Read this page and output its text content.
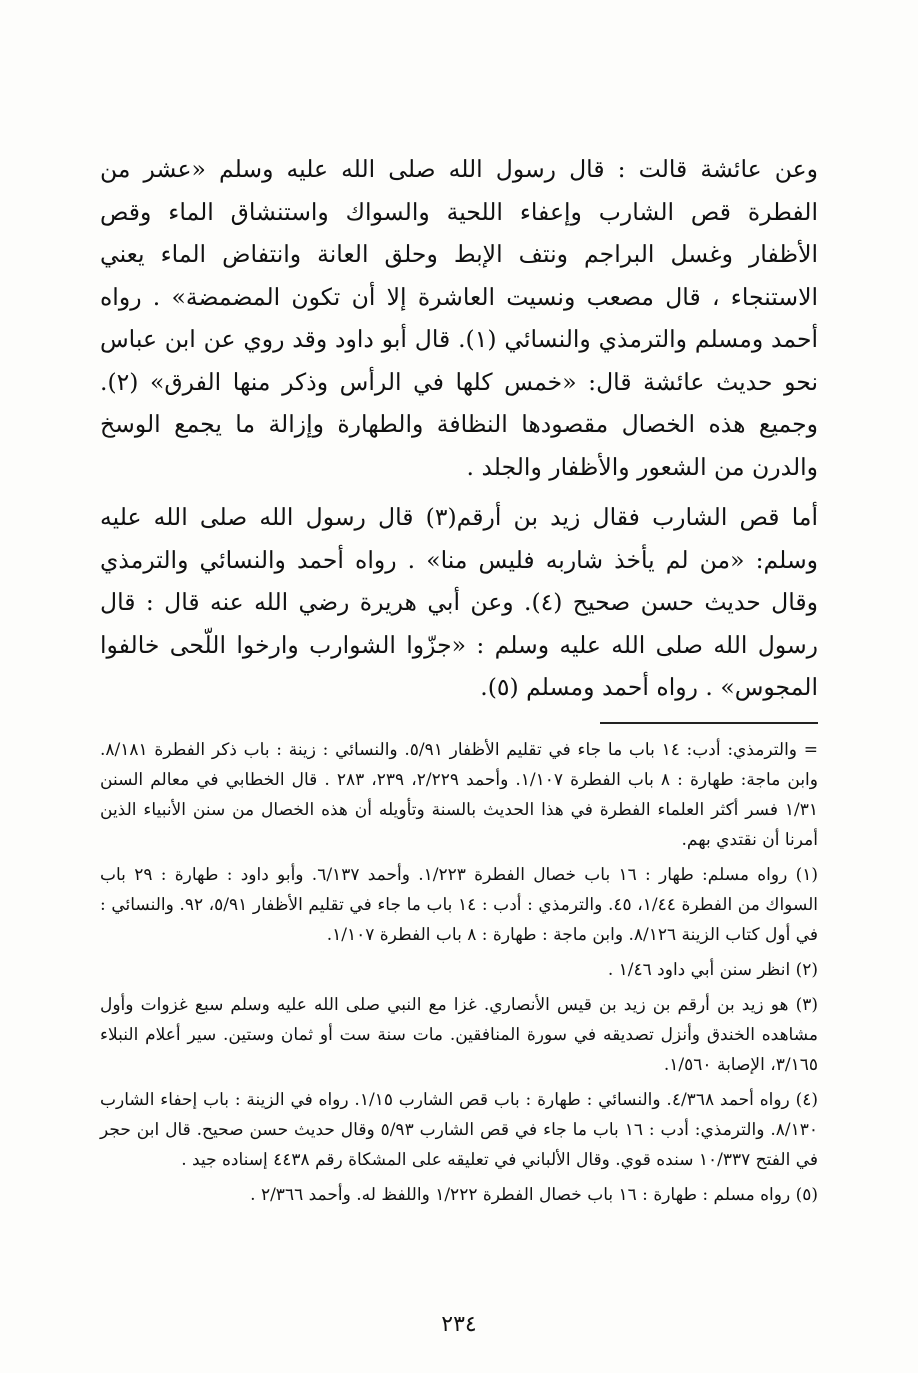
وعن عائشة قالت : قال رسول الله صلى الله عليه وسلم «عشر من الفطرة قص الشارب وإعفاء اللحية والسواك واستنشاق الماء وقص الأظفار وغسل البراجم ونتف الإبط وحلق العانة وانتفاض الماء يعني الاستنجاء ، قال مصعب ونسيت العاشرة إلا أن تكون المضمضة» . رواه أحمد ومسلم والترمذي والنسائي (١). قال أبو داود وقد روي عن ابن عباس نحو حديث عائشة قال: «خمس كلها في الرأس وذكر منها الفرق» (٢). وجميع هذه الخصال مقصودها النظافة والطهارة وإزالة ما يجمع الوسخ والدرن من الشعور والأظفار والجلد .

أما قص الشارب فقال زيد بن أرقم(٣) قال رسول الله صلى الله عليه وسلم: «من لم يأخذ شاربه فليس منا» . رواه أحمد والنسائي والترمذي وقال حديث حسن صحيح (٤). وعن أبي هريرة رضي الله عنه قال : قال رسول الله صلى الله عليه وسلم : «جزّوا الشوارب وارخوا اللّحى خالفوا المجوس» . رواه أحمد ومسلم (٥).

= والترمذي: أدب: ١٤ باب ما جاء في تقليم الأظفار ٥/٩١. والنسائي : زينة : باب ذكر الفطرة ٨/١٨١. وابن ماجة: طهارة : ٨ باب الفطرة ١/١٠٧. وأحمد ٢/٢٢٩، ٢٣٩، ٢٨٣ . قال الخطابي في معالم السنن ١/٣١ فسر أكثر العلماء الفطرة في هذا الحديث بالسنة وتأويله أن هذه الخصال من سنن الأنبياء الذين أمرنا أن نقتدي بهم.

(١) رواه مسلم: طهار : ١٦ باب خصال الفطرة ١/٢٢٣. وأحمد ٦/١٣٧. وأبو داود : طهارة : ٢٩ باب السواك من الفطرة ١/٤٤، ٤٥. والترمذي : أدب : ١٤ باب ما جاء في تقليم الأظفار ٥/٩١، ٩٢. والنسائي : في أول كتاب الزينة ٨/١٢٦. وابن ماجة : طهارة : ٨ باب الفطرة ١/١٠٧.

(٢) انظر سنن أبي داود ١/٤٦ .

(٣) هو زيد بن أرقم بن زيد بن قيس الأنصاري. غزا مع النبي صلى الله عليه وسلم سبع غزوات وأول مشاهده الخندق وأنزل تصديقه في سورة المنافقين. مات سنة ست أو ثمان وستين. سير أعلام النبلاء ٣/١٦٥، الإصابة ١/٥٦٠.

(٤) رواه أحمد ٤/٣٦٨. والنسائي : طهارة : باب قص الشارب ١/١٥. رواه في الزينة : باب إحفاء الشارب ٨/١٣٠. والترمذي: أدب : ١٦ باب ما جاء في قص الشارب ٥/٩٣ وقال حديث حسن صحيح. قال ابن حجر في الفتح ١٠/٣٣٧ سنده قوي. وقال الألباني في تعليقه على المشكاة رقم ٤٤٣٨ إسناده جيد .

(٥) رواه مسلم : طهارة : ١٦ باب خصال الفطرة ١/٢٢٢ واللفظ له. وأحمد ٢/٣٦٦ .

٢٣٤
